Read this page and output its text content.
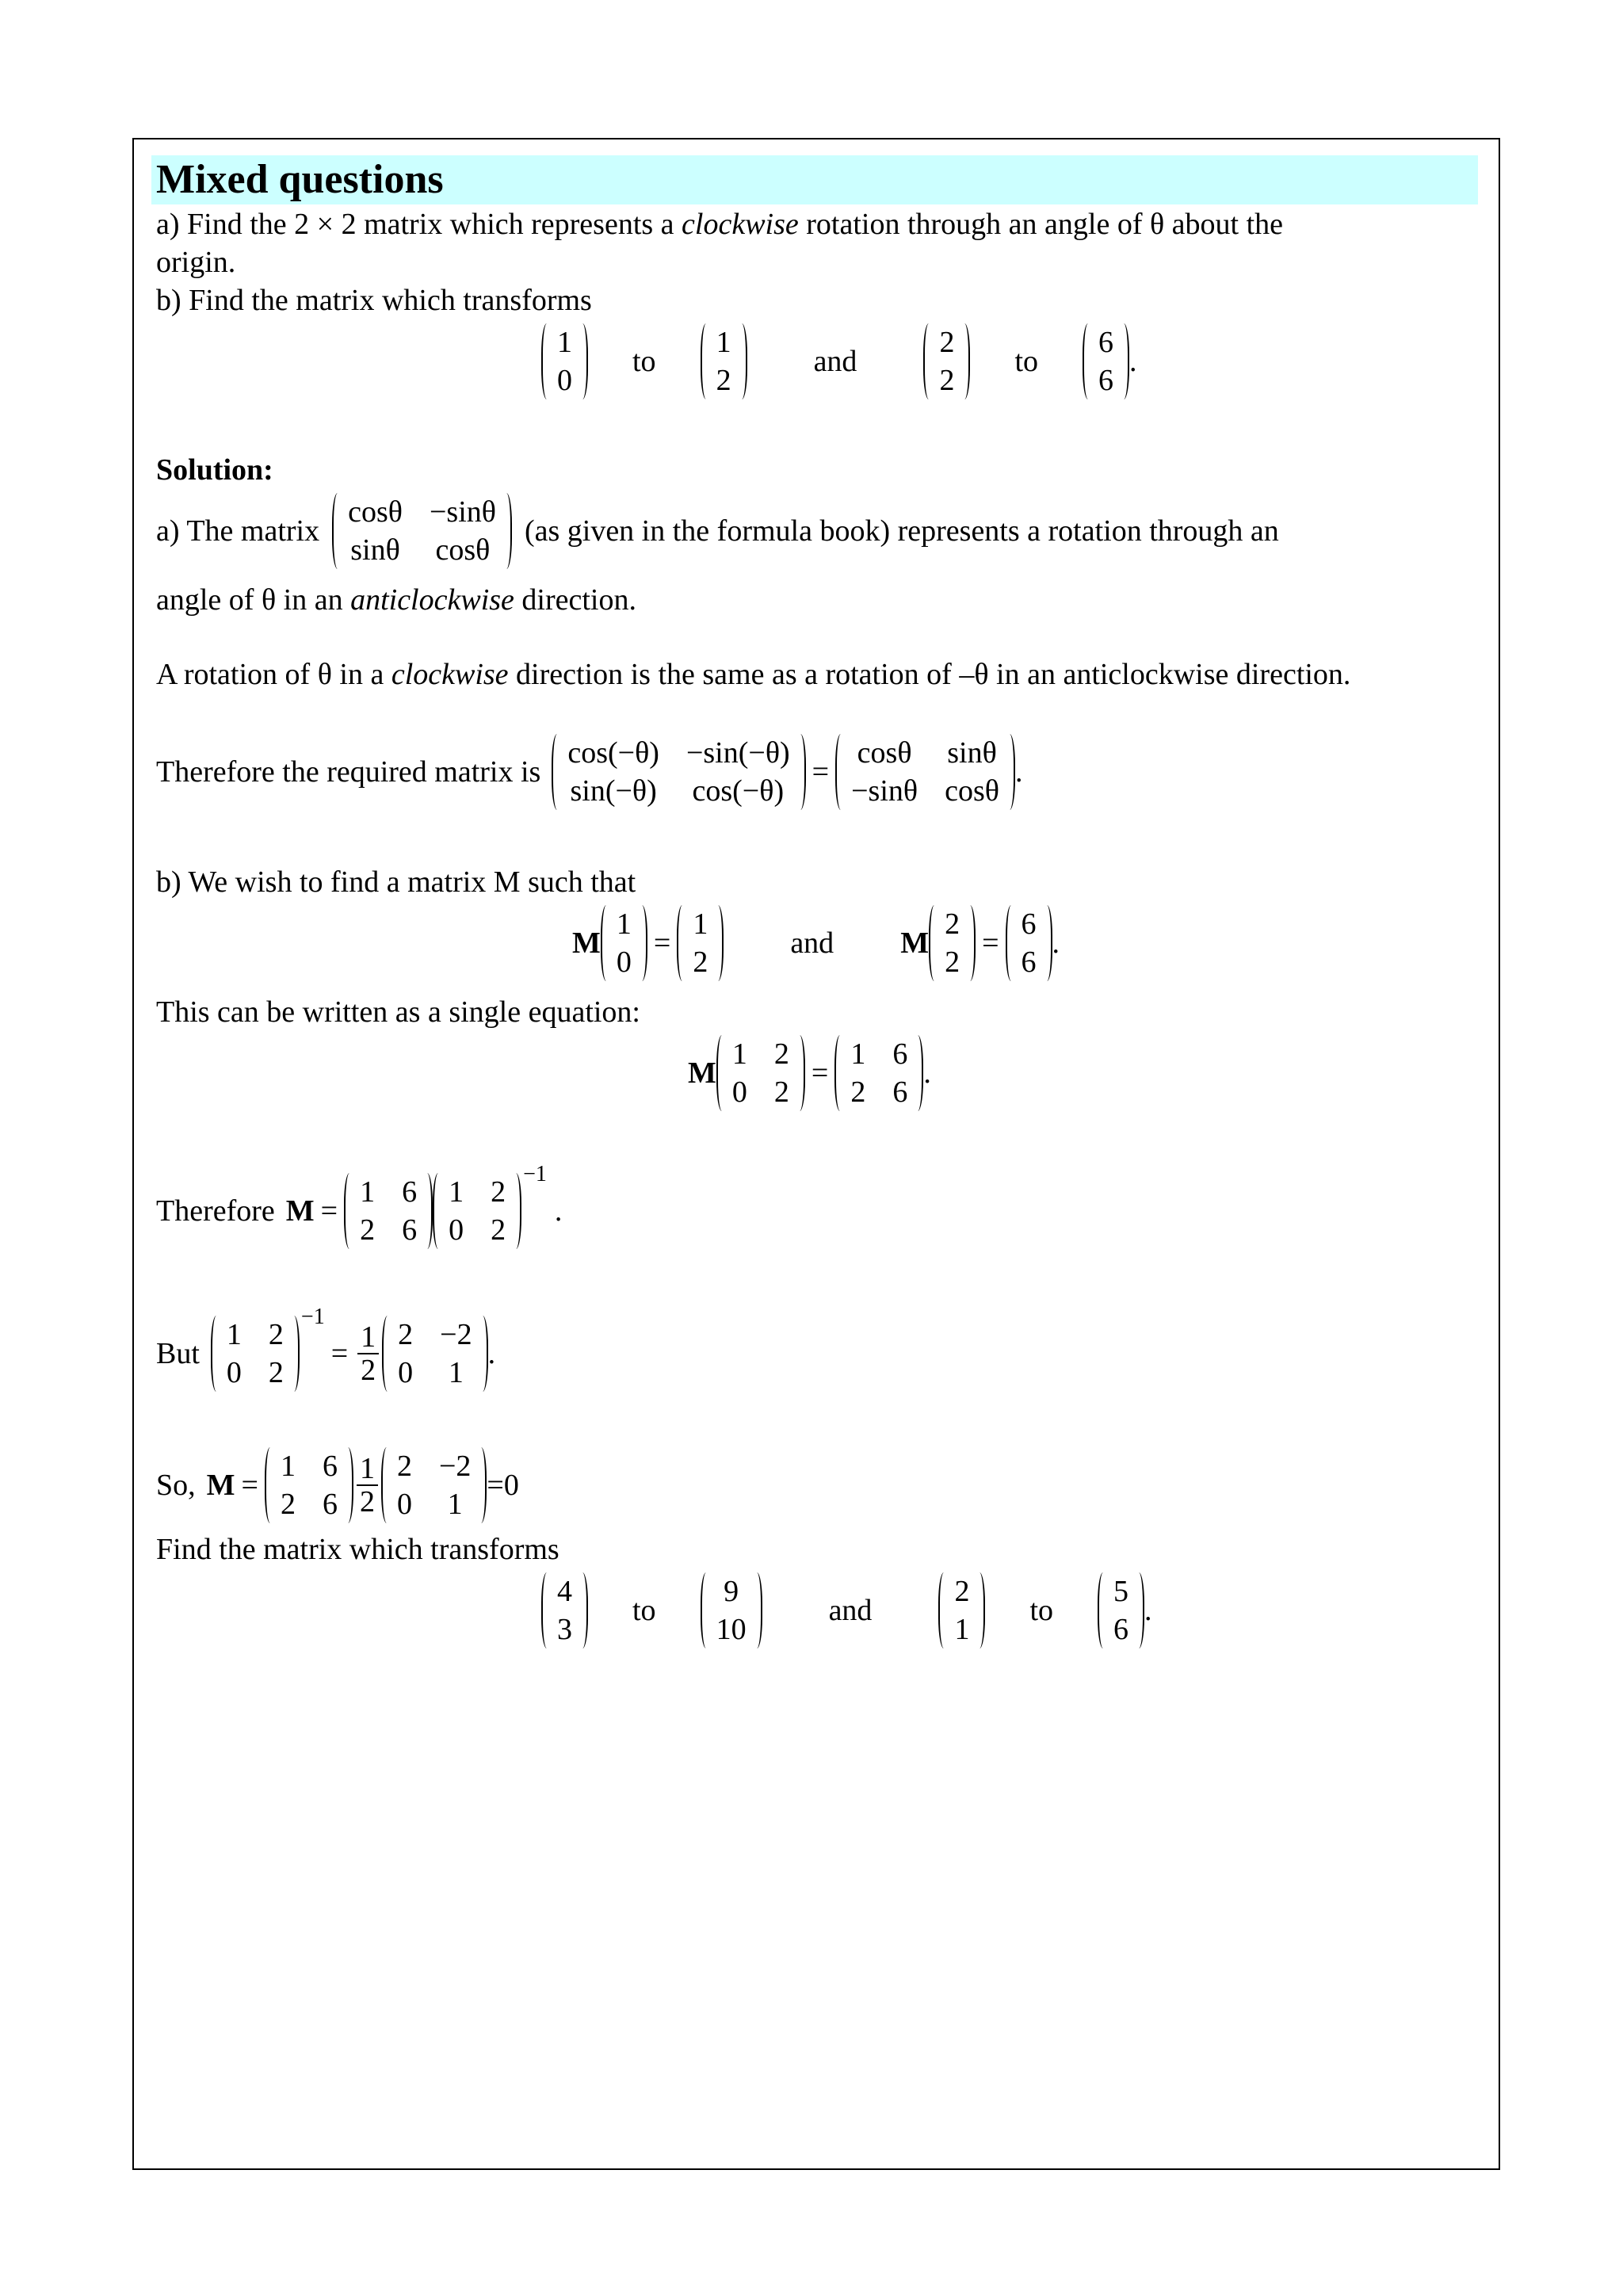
Mixed questions
a) Find the 2 × 2 matrix which represents a clockwise rotation through an angle of θ about the
origin.
b) Find the matrix which transforms
1
0
to
1
2
and
2
2
to
6
6
.
Solution:
a) The matrix
cosθ −sinθ
sinθ cosθ
(as given in the formula book) represents a rotation through an
angle of θ in an anticlockwise direction.
A rotation of θ in a clockwise direction is the same as a rotation of –θ in an anticlockwise direction.
Therefore the required matrix is
cos(−θ) −sin(−θ)
sin(−θ) cos(−θ)
=
cosθ sinθ
−sinθ cosθ
.
b) We wish to find a matrix M such that
M
1
0
=
1
2
and M
2
2
=
6
6
.
This can be written as a single equation:
M
1 2
0 2
=
1 6
2 6
.
Therefore M =
1 6
2 6
1 2
0 2
−1
.
But
1 2
0 2
−1
= $\frac{1}{2} 2 -2$
0 1
.
So, M =
1 6
2 $6 \frac{1}{2} 2 -2$
0 1
=0
Find the matrix which transforms
4
3
to
9
10
and
2
1
to
5
6
.
